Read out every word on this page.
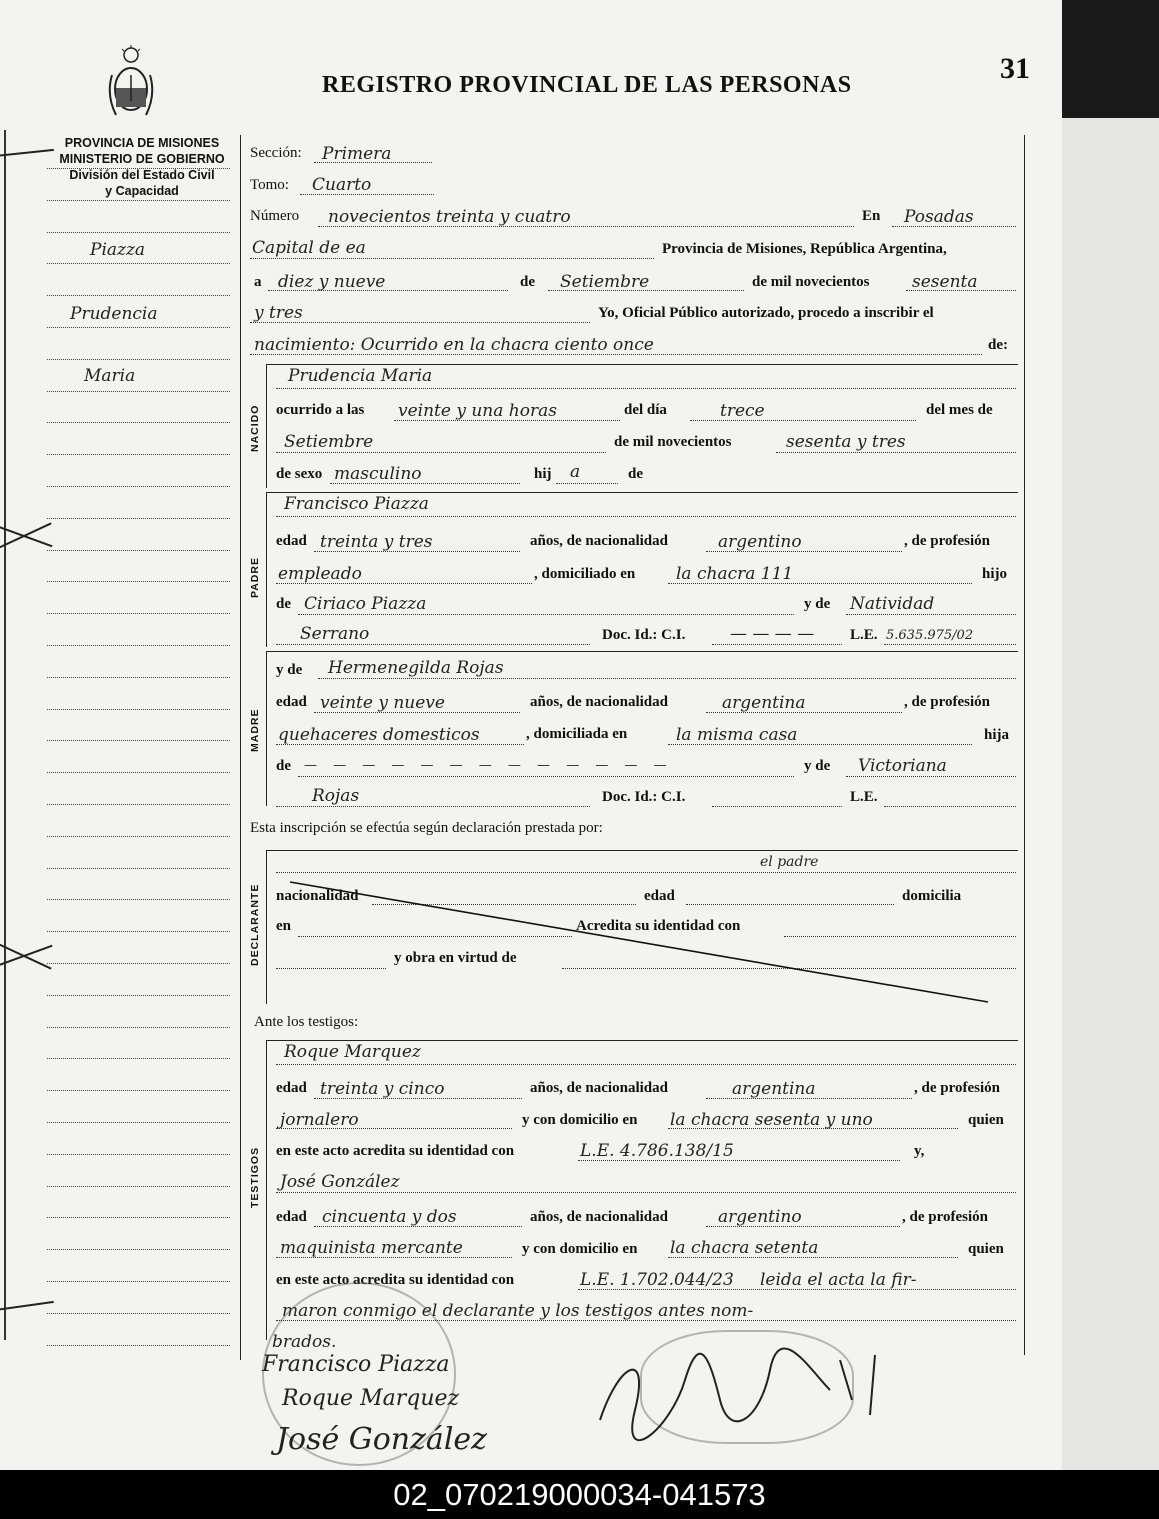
REGISTRO PROVINCIAL DE LAS PERSONAS	31
PROVINCIA DE MISIONES
MINISTERIO DE GOBIERNO
División del Estado Civil
y Capacidad
Piazza
Prudencia
Maria
Sección: Primera
Tomo: Cuarto
Número novecientos treinta y cuatro	En Posadas
Capital de ea	Provincia de Misiones, República Argentina,
a diez y nueve	de Setiembre	de mil novecientos	sesenta
y tres	Yo, Oficial Público autorizado, procedo a inscribir el
nacimiento: Ocurrido en la chacra ciento once	de:
NACIDO
Prudencia Maria
ocurrido a las veinte y una horas	del día	trece	del mes de
Setiembre	de mil novecientos	sesenta y tres
de sexo masculino	hij a	de
PADRE
Francisco Piazza
edad treinta y tres	años, de nacionalidad	argentino	, de profesión
empleado	, domiciliado en la chacra 111	hijo
de Ciriaco Piazza	y de Natividad
Serrano	Doc. Id.: C.I.	— — — — L.E. 5.635.975/02
MADRE
y de Hermenegilda Rojas
edad veinte y nueve	años, de nacionalidad	argentina	, de profesión
quehaceres domesticos	, domiciliada en	la misma casa	hija
de — — — — — — — — — — — — —	y de Victoriana
Rojas	Doc. Id.: C.I.	L.E.
Esta inscripción se efectúa según declaración prestada por:
DECLARANTE
el padre
nacionalidad	edad	domicilia
en	Acredita su identidad con
y obra en virtud de
Ante los testigos:
TESTIGOS
Roque Marquez
edad treinta y cinco	años, de nacionalidad	argentina	, de profesión
jornalero	y con domicilio en la chacra sesenta y uno	quien
en este acto acredita su identidad con	L.E. 4.786.138/15	y,
José González
edad cincuenta y dos	años, de nacionalidad	argentino	, de profesión
maquinista mercante	y con domicilio en la chacra setenta	quien
en este acto acredita su identidad con	L.E. 1.702.044/23 leida el acta la fir-
maron conmigo el declarante y los testigos antes nom-
brados.
Francisco Piazza
Roque Marquez
José González
02_070219000034-041573
